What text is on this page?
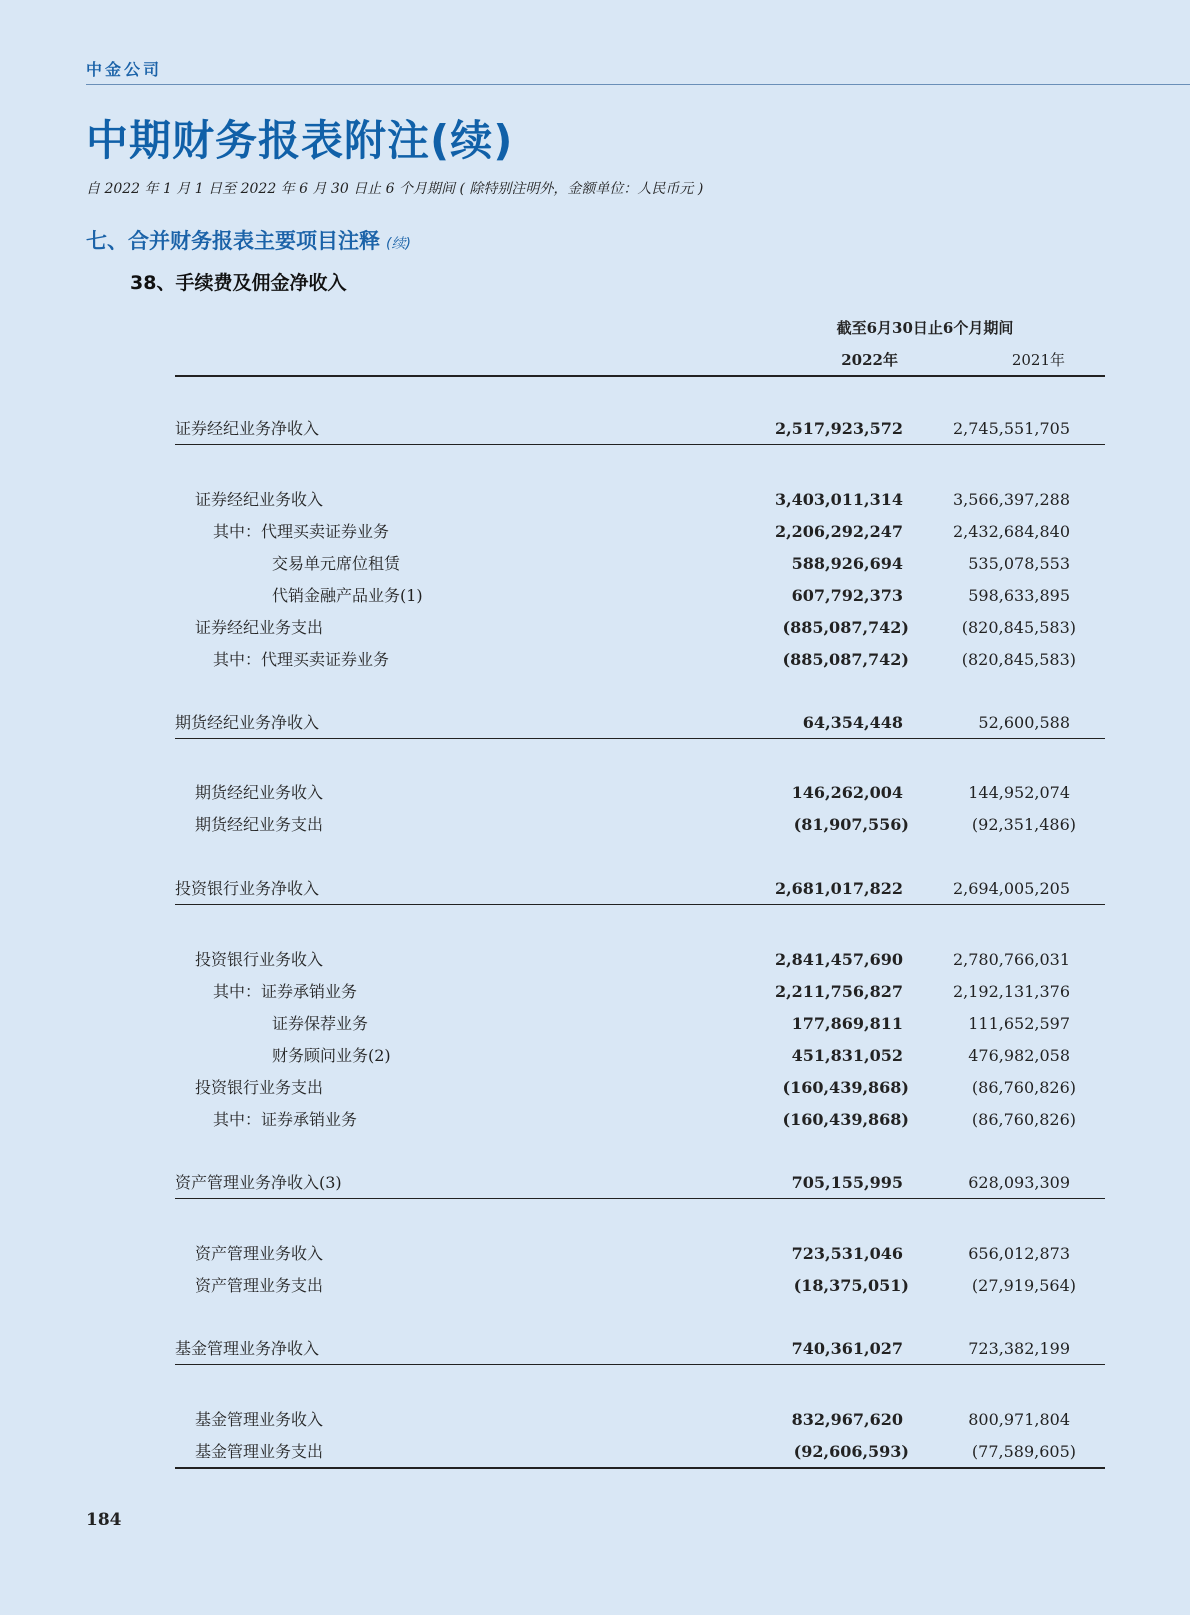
中金公司
中期财务报表附注(续)
自 2022 年 1 月 1 日至 2022 年 6 月 30 日止 6 个月期间 ( 除特别注明外，金额单位：人民币元 )
七、合并财务报表主要项目注释 (续)
38、手续费及佣金净收入
截至6月30日止6个月期间
2022年	2021年
证券经纪业务净收入	2,517,923,572	2,745,551,705
证券经纪业务收入	3,403,011,314	3,566,397,288
其中：代理买卖证券业务	2,206,292,247	2,432,684,840
交易单元席位租赁	588,926,694	535,078,553
代销金融产品业务(1)	607,792,373	598,633,895
证券经纪业务支出	(885,087,742)	(820,845,583)
其中：代理买卖证券业务	(885,087,742)	(820,845,583)
期货经纪业务净收入	64,354,448	52,600,588
期货经纪业务收入	146,262,004	144,952,074
期货经纪业务支出	(81,907,556)	(92,351,486)
投资银行业务净收入	2,681,017,822	2,694,005,205
投资银行业务收入	2,841,457,690	2,780,766,031
其中：证券承销业务	2,211,756,827	2,192,131,376
证券保荐业务	177,869,811	111,652,597
财务顾问业务(2)	451,831,052	476,982,058
投资银行业务支出	(160,439,868)	(86,760,826)
其中：证券承销业务	(160,439,868)	(86,760,826)
资产管理业务净收入(3)	705,155,995	628,093,309
资产管理业务收入	723,531,046	656,012,873
资产管理业务支出	(18,375,051)	(27,919,564)
基金管理业务净收入	740,361,027	723,382,199
基金管理业务收入	832,967,620	800,971,804
基金管理业务支出	(92,606,593)	(77,589,605)
184
